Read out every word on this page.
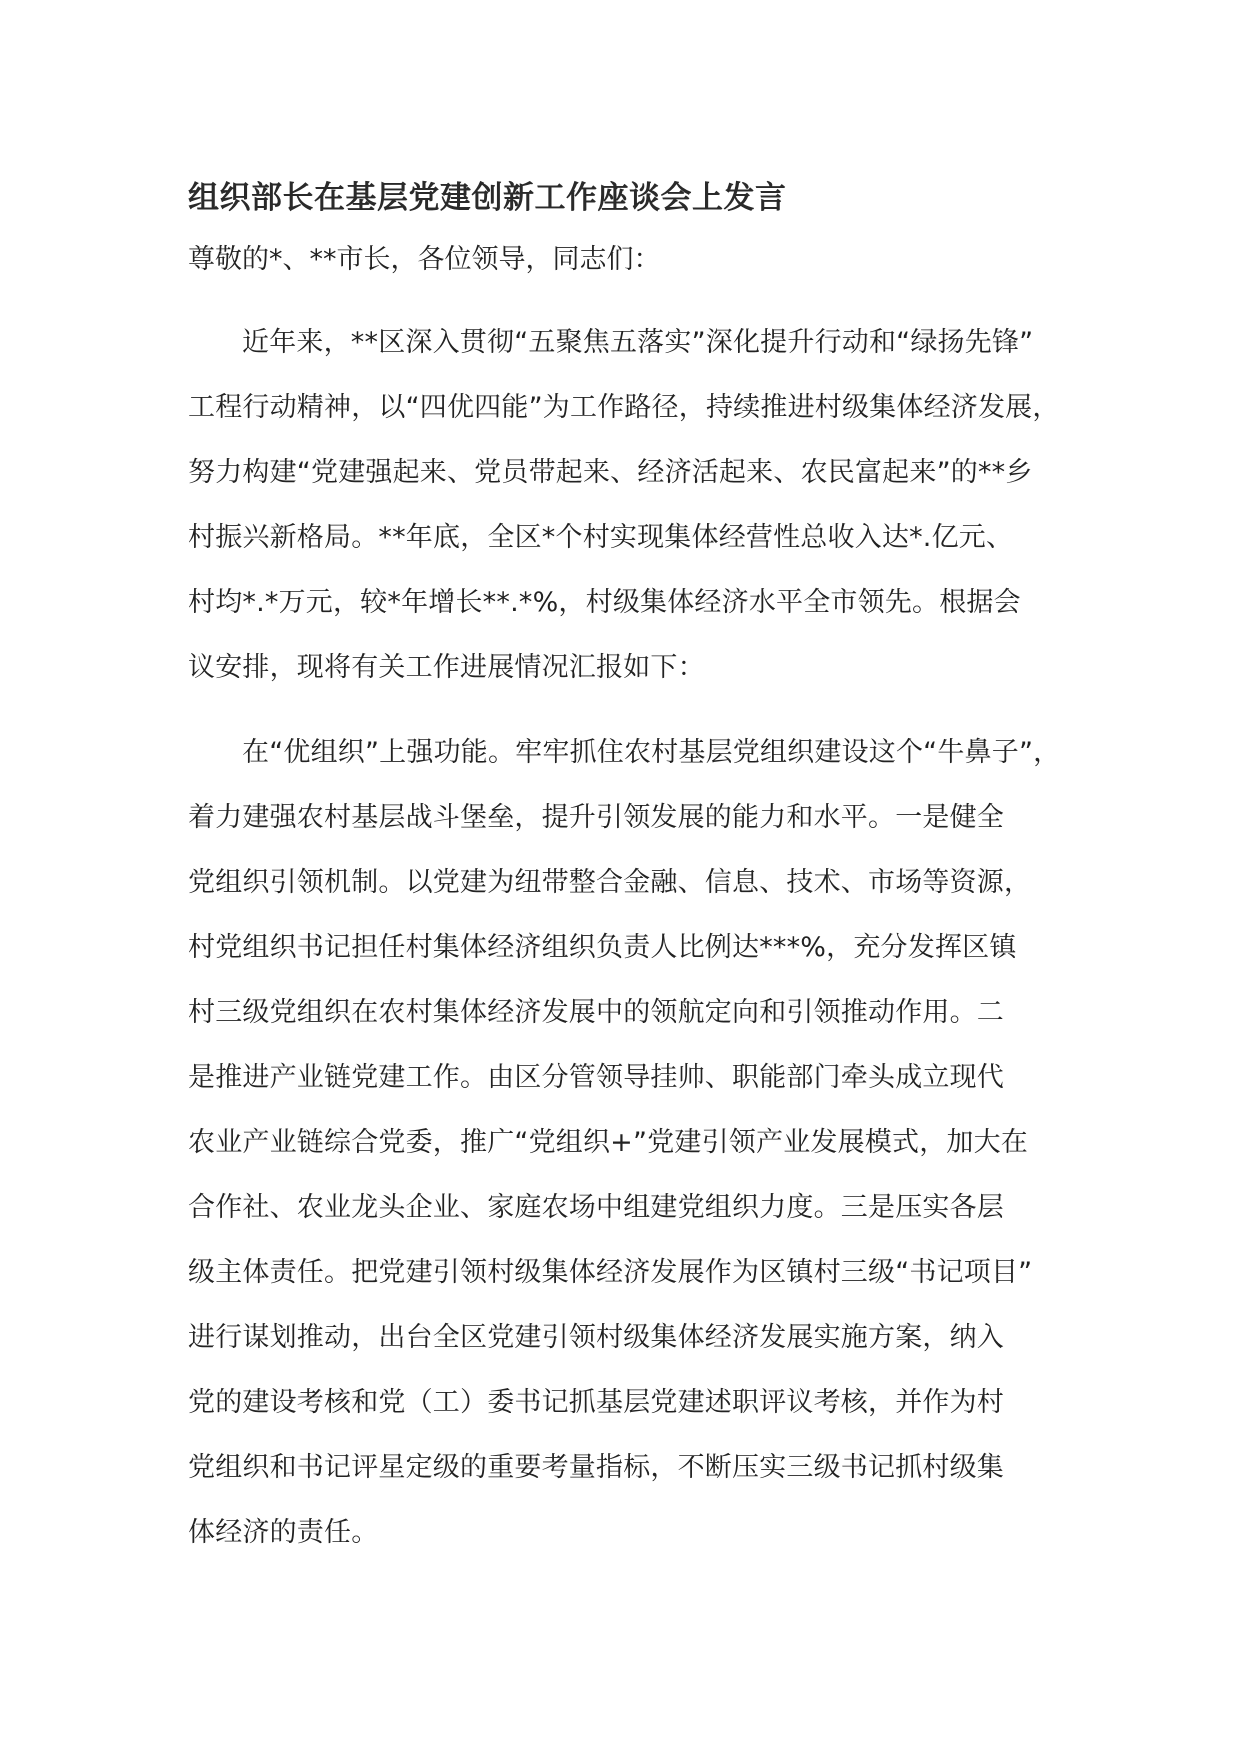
组织部长在基层党建创新工作座谈会上发言
尊敬的*、**市长，各位领导，同志们：
近年来，**区深入贯彻“五聚焦五落实”深化提升行动和“绿扬先锋”
工程行动精神，以“四优四能”为工作路径，持续推进村级集体经济发展，
努力构建“党建强起来、党员带起来、经济活起来、农民富起来”的**乡
村振兴新格局。**年底，全区*个村实现集体经营性总收入达*.亿元、
村均*.*万元，较*年增长**.*%，村级集体经济水平全市领先。根据会
议安排，现将有关工作进展情况汇报如下：
在“优组织”上强功能。牢牢抓住农村基层党组织建设这个“牛鼻子”，
着力建强农村基层战斗堡垒，提升引领发展的能力和水平。一是健全
党组织引领机制。以党建为纽带整合金融、信息、技术、市场等资源，
村党组织书记担任村集体经济组织负责人比例达***%，充分发挥区镇
村三级党组织在农村集体经济发展中的领航定向和引领推动作用。二
是推进产业链党建工作。由区分管领导挂帅、职能部门牵头成立现代
农业产业链综合党委，推广“党组织+”党建引领产业发展模式，加大在
合作社、农业龙头企业、家庭农场中组建党组织力度。三是压实各层
级主体责任。把党建引领村级集体经济发展作为区镇村三级“书记项目”
进行谋划推动，出台全区党建引领村级集体经济发展实施方案，纳入
党的建设考核和党（工）委书记抓基层党建述职评议考核，并作为村
党组织和书记评星定级的重要考量指标，不断压实三级书记抓村级集
体经济的责任。
